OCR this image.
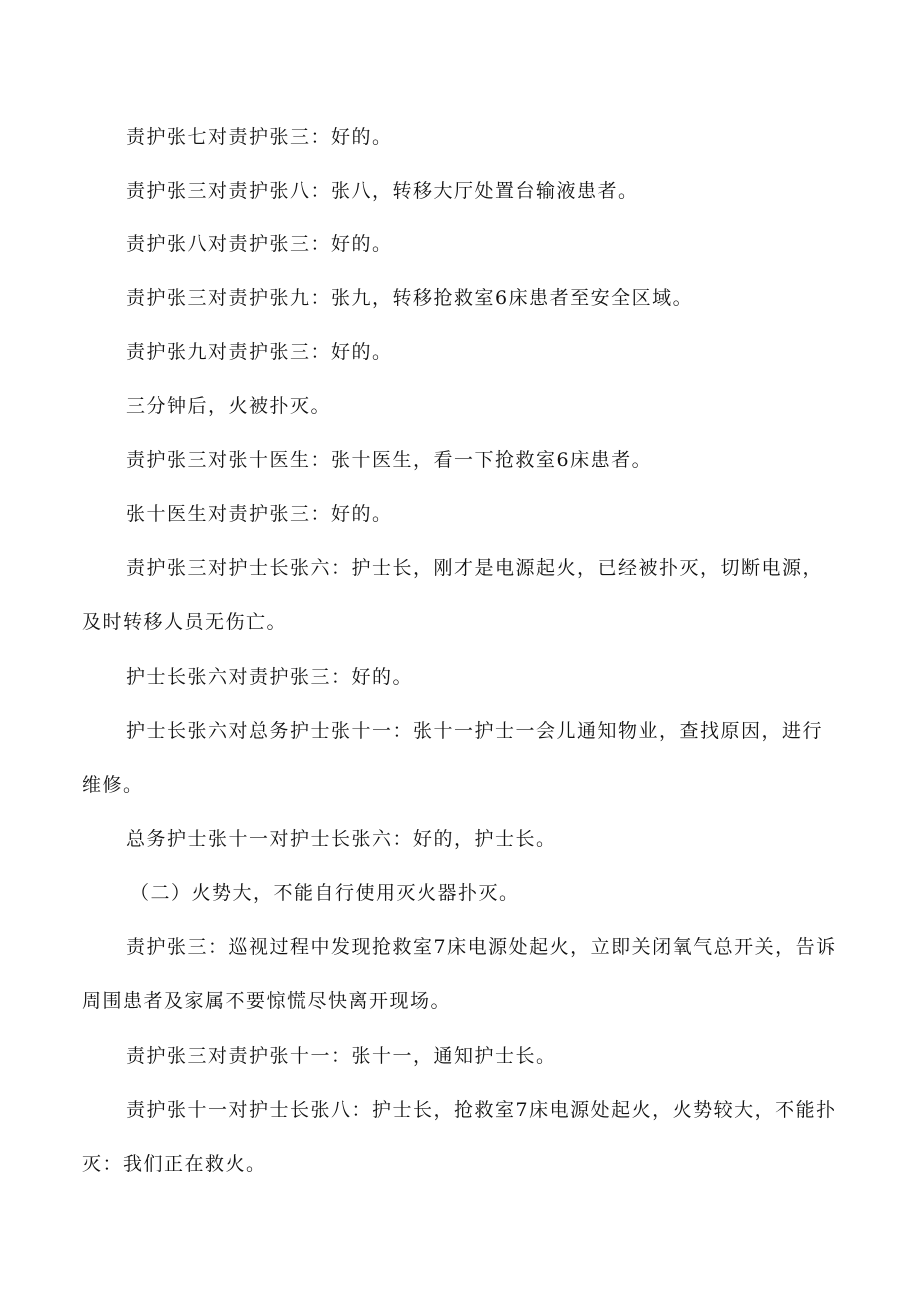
责护张七对责护张三：好的。
责护张三对责护张八：张八，转移大厅处置台输液患者。
责护张八对责护张三：好的。
责护张三对责护张九：张九，转移抢救室6床患者至安全区域。
责护张九对责护张三：好的。
三分钟后，火被扑灭。
责护张三对张十医生：张十医生，看一下抢救室6床患者。
张十医生对责护张三：好的。
责护张三对护士长张六：护士长，刚才是电源起火，已经被扑灭，切断电源，
及时转移人员无伤亡。
护士长张六对责护张三：好的。
护士长张六对总务护士张十一：张十一护士一会儿通知物业，查找原因，进行
维修。
总务护士张十一对护士长张六：好的，护士长。
（二）火势大，不能自行使用灭火器扑灭。
责护张三：巡视过程中发现抢救室7床电源处起火，立即关闭氧气总开关，告诉
周围患者及家属不要惊慌尽快离开现场。
责护张三对责护张十一：张十一，通知护士长。
责护张十一对护士长张八：护士长，抢救室7床电源处起火，火势较大，不能扑
灭：我们正在救火。
